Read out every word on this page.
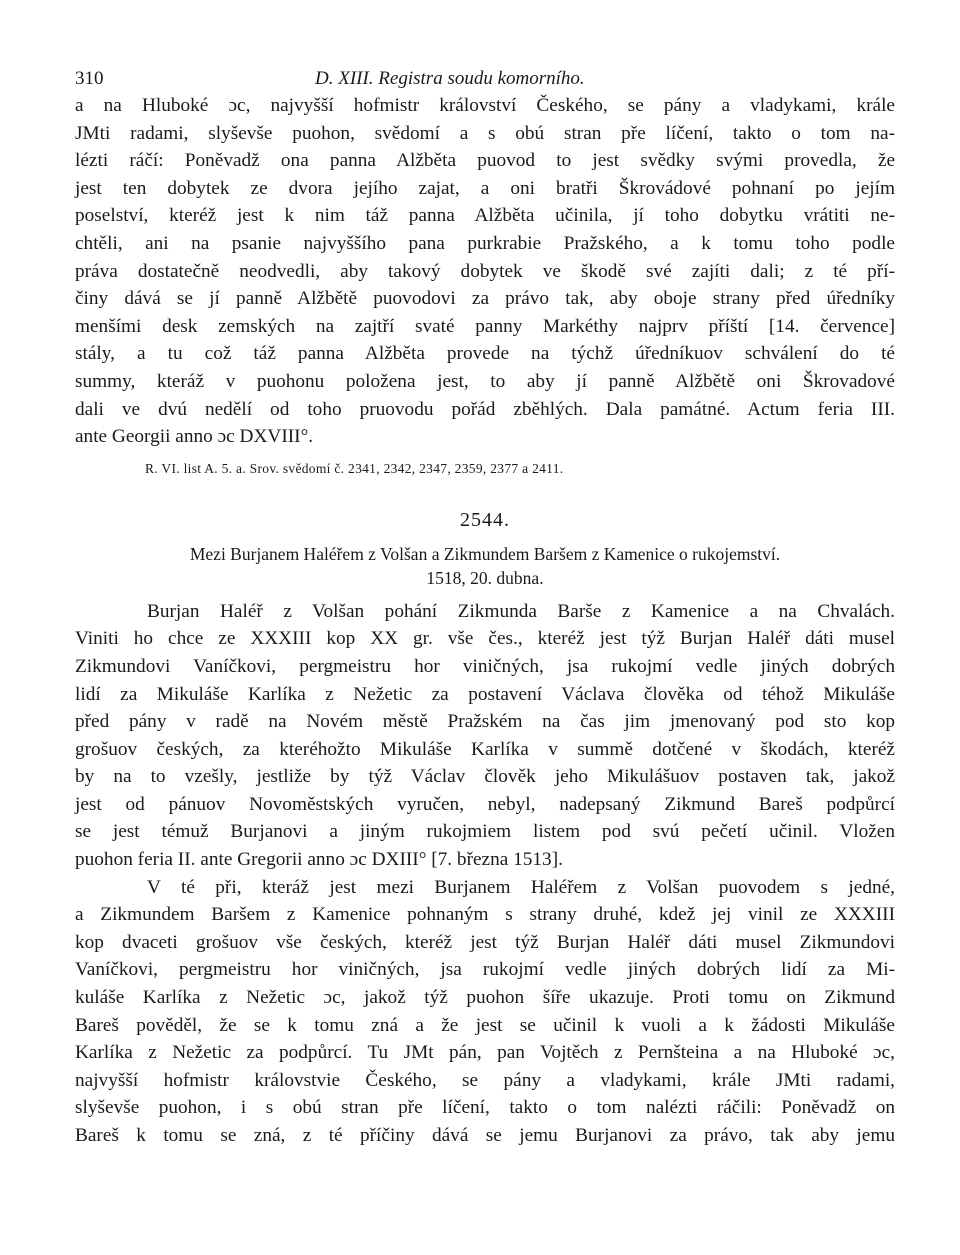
310	D. XIII. Registra soudu komorního.
a na Hluboké ɔc, najvyšší hofmistr království Českého, se pány a vladykami, krále
JMti radami, slyševše puohon, svědomí a s obú stran pře líčení, takto o tom na-
lézti ráčí: Poněvadž ona panna Alžběta puovod to jest svědky svými provedla, že
jest ten dobytek ze dvora jejího zajat, a oni bratři Škrovádové pohnaní po jejím
poselství, kteréž jest k nim táž panna Alžběta učinila, jí toho dobytku vrátiti ne-
chtěli, ani na psanie najvyššího pana purkrabie Pražského, a k tomu toho podle
práva dostatečně neodvedli, aby takový dobytek ve škodě své zajíti dali; z té pří-
činy dává se jí panně Alžbětě puovodovi za právo tak, aby oboje strany před úředníky
menšími desk zemských na zajtří svaté panny Markéthy najprv příští [14. července]
stály, a tu což táž panna Alžběta provede na týchž úředníkuov schválení do té
summy, kteráž v puohonu položena jest, to aby jí panně Alžbětě oni Škrovadové
dali ve dvú nedělí od toho pruovodu pořád zběhlých. Dala památné. Actum feria III.
ante Georgii anno ɔc DXVIII°.
R. VI. list A. 5. a. Srov. svědomí č. 2341, 2342, 2347, 2359, 2377 a 2411.
2544.
Mezi Burjanem Haléřem z Volšan a Zikmundem Baršem z Kamenice o rukojemství.
1518, 20. dubna.
Burjan Haléř z Volšan pohání Zikmunda Barše z Kamenice a na Chvalách.
Viniti ho chce ze XXXIII kop XX gr. vše čes., kteréž jest týž Burjan Haléř dáti musel
Zikmundovi Vaníčkovi, pergmeistru hor viničných, jsa rukojmí vedle jiných dobrých
lidí za Mikuláše Karlíka z Nežetic za postavení Václava člověka od téhož Mikuláše
před pány v radě na Novém městě Pražském na čas jim jmenovaný pod sto kop
grošuov českých, za kteréhožto Mikuláše Karlíka v summě dotčené v škodách, kteréž
by na to vzešly, jestliže by týž Václav člověk jeho Mikulášuov postaven tak, jakož
jest od pánuov Novoměstských vyručen, nebyl, nadepsaný Zikmund Bareš podpůrcí
se jest témuž Burjanovi a jiným rukojmiem listem pod svú pečetí učinil. Vložen
puohon feria II. ante Gregorii anno ɔc DXIII° [7. března 1513].
V té při, kteráž jest mezi Burjanem Haléřem z Volšan puovodem s jedné,
a Zikmundem Baršem z Kamenice pohnaným s strany druhé, kdež jej vinil ze XXXIII
kop dvaceti grošuov vše českých, kteréž jest týž Burjan Haléř dáti musel Zikmundovi
Vaníčkovi, pergmeistru hor viničných, jsa rukojmí vedle jiných dobrých lidí za Mi-
kuláše Karlíka z Nežetic ɔc, jakož týž puohon šíře ukazuje. Proti tomu on Zikmund
Bareš pověděl, že se k tomu zná a že jest se učinil k vuoli a k žádosti Mikuláše
Karlíka z Nežetic za podpůrcí. Tu JMt pán, pan Vojtěch z Pernšteina a na Hluboké ɔc,
najvyšší hofmistr královstvie Českého, se pány a vladykami, krále JMti radami,
slyševše puohon, i s obú stran pře líčení, takto o tom nalézti ráčili: Poněvadž on
Bareš k tomu se zná, z té příčiny dává se jemu Burjanovi za právo, tak aby jemu
